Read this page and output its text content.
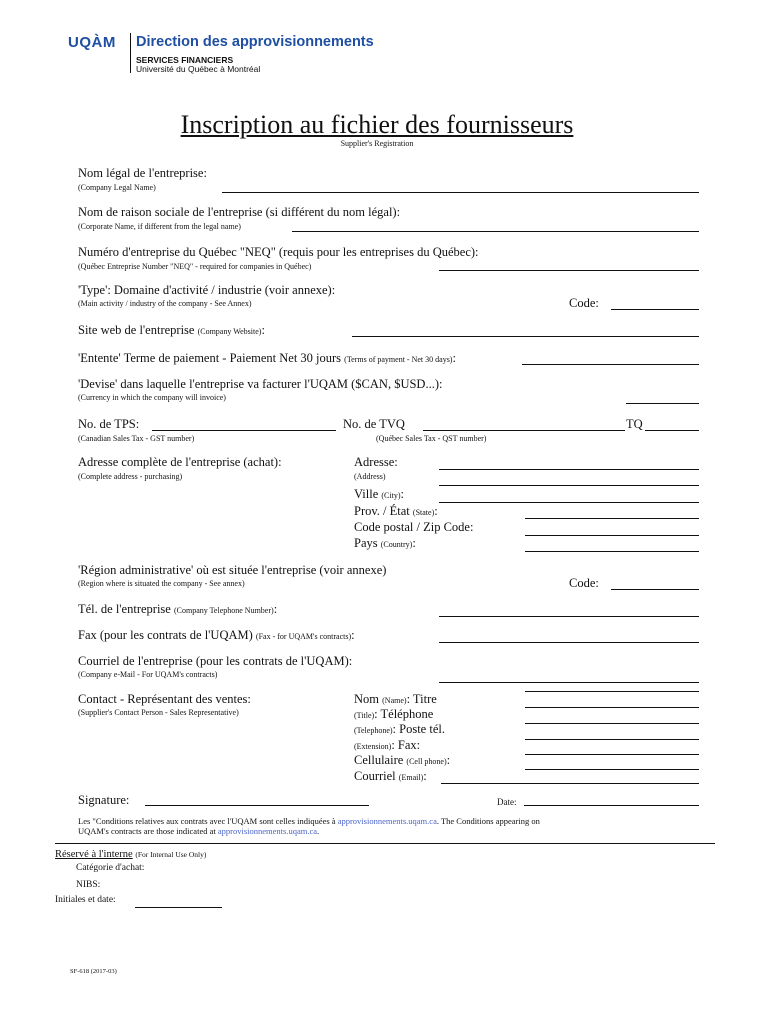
UQÀM Direction des approvisionnements
SERVICES FINANCIERS
Université du Québec à Montréal
Inscription au fichier des fournisseurs
Supplier's Registration
Nom légal de l'entreprise:
(Company Legal Name)
Nom de raison sociale de l'entreprise (si différent du nom légal):
(Corporate Name, if different from the legal name)
Numéro d'entreprise du Québec "NEQ" (requis pour les entreprises du Québec):
(Québec Entreprise Number "NEQ" - required for companies in Québec)
'Type': Domaine d'activité / industrie (voir annexe):
(Main activity / industry of the company - See Annex)	Code:
Site web de l'entreprise (Company Website):
'Entente' Terme de paiement - Paiement Net 30 jours (Terms of payment - Net 30 days):
'Devise' dans laquelle l'entreprise va facturer l'UQAM ($CAN, $USD...):
(Currency in which the company will invoice)
No. de TPS:
(Canadian Sales Tax - GST number)
No. de TVQ	TQ
(Québec Sales Tax - QST number)
Adresse complète de l'entreprise (achat):
(Complete address - purchasing)
Adresse:
(Address)
Ville (City):
Prov. / État (State):
Code postal / Zip Code:
Pays (Country):
'Région administrative' où est située l'entreprise (voir annexe)
(Region where is situated the company - See annex)	Code:
Tél. de l'entreprise (Company Telephone Number):
Fax (pour les contrats de l'UQAM) (Fax - for UQAM's contracts):
Courriel de l'entreprise (pour les contrats de l'UQAM):
(Company e-Mail - For UQAM's contracts)
Contact - Représentant des ventes:
(Supplier's Contact Person - Sales Representative)
Nom (Name): Titre
(Title): Téléphone
(Telephone): Poste tél.
(Extension): Fax:
Cellulaire (Cell phone):
Courriel (Email):
Signature:	Date:
Les "Conditions relatives aux contrats avec l'UQAM sont celles indiquées à approvisionnements.uqam.ca. The Conditions appearing on
UQAM's contracts are those indicated at approvisionnements.uqam.ca.
Réservé à l'interne (For Internal Use Only)
Catégorie d'achat:
NIBS:
Initiales et date:
SF-618 (2017-03)
